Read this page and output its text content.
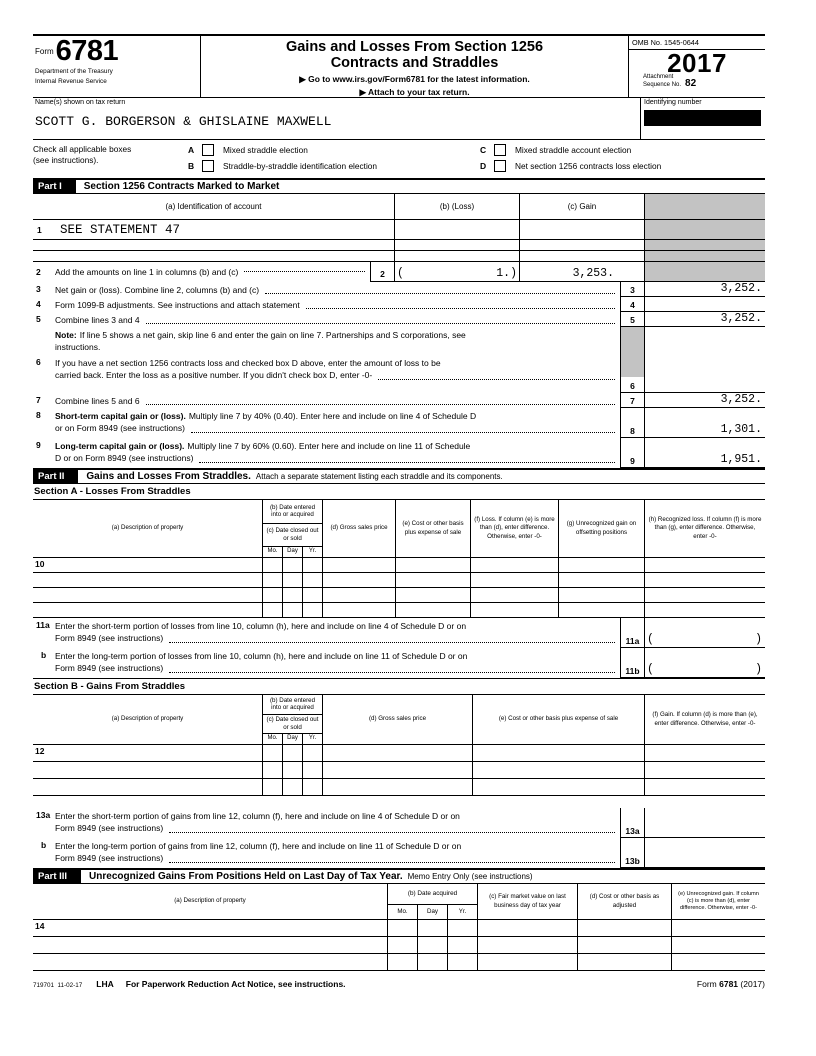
$^{Form}$6781
Department of the Treasury
Internal Revenue Service
Gains and Losses From Section 1256
Contracts and Straddles
▶ Go to www.irs.gov/Form6781 for the latest information.
▶ Attach to your tax return.
OMB No. 1545-0644
2017
Attachment
Sequence No. 82
Name(s) shown on tax return
SCOTT G. BORGERSON & GHISLAINE MAXWELL
Identifying number
Check all applicable boxes
(see instructions).
A	Mixed straddle election
B	Straddle-by-straddle identification election
C	Mixed straddle account election
D	Net section 1256 contracts loss election
Part I	Section 1256 Contracts Marked to Market
(a) Identification of account	(b) (Loss)	(c) Gain
1	SEE STATEMENT 47
2	Add the amounts on line 1 in columns (b) and (c)	2	(	1.)	3,253.
3	Net gain or (loss). Combine line 2, columns (b) and (c)	3	3,252.
4	Form 1099-B adjustments. See instructions and attach statement	4
5	Combine lines 3 and 4	5	3,252.
Note: If line 5 shows a net gain, skip line 6 and enter the gain on line 7. Partnerships and S corporations, see
instructions.
6	If you have a net section 1256 contracts loss and checked box D above, enter the amount of loss to be
carried back. Enter the loss as a positive number. If you didn't check box D, enter -0-
6
7	Combine lines 5 and 6	7	3,252.
8	Short-term capital gain or (loss). Multiply line 7 by 40% (0.40). Enter here and include on line 4 of Schedule D
or on Form 8949 (see instructions)	8	1,301.
9	Long-term capital gain or (loss). Multiply line 7 by 60% (0.60). Enter here and include on line 11 of Schedule
D or on Form 8949 (see instructions)	9	1,951.
Part II	Gains and Losses From Straddles. Attach a separate statement listing each straddle and its components.
Section A - Losses From Straddles
(a) Description of property
(b) Date entered into or acquired
(c) Date closed out or sold
Mo.	Day	Yr.
(d) Gross sales price
(e) Cost or other basis plus expense of sale
(f) Loss. If column (e) is more than (d), enter difference. Otherwise, enter -0-
(g) Unrecognized gain on offsetting positions
(h) Recognized loss. If column (f) is more than (g), enter difference. Otherwise, enter -0-
10
11a Enter the short-term portion of losses from line 10, column (h), here and include on line 4 of Schedule D or on
Form 8949 (see instructions)	11a (	)
b	Enter the long-term portion of losses from line 10, column (h), here and include on line 11 of Schedule D or on
Form 8949 (see instructions)	11b (	)
Section B - Gains From Straddles
(a) Description of property
(b) Date entered into or acquired
(c) Date closed out or sold
Mo.	Day	Yr.
(d) Gross sales price	(e) Cost or other basis plus expense of sale
(f) Gain. If column (d) is more than (e), enter difference. Otherwise, enter -0-
12
13a Enter the short-term portion of gains from line 12, column (f), here and include on line 4 of Schedule D or on
Form 8949 (see instructions)	13a
b	Enter the long-term portion of gains from line 12, column (f), here and include on line 11 of Schedule D or on
Form 8949 (see instructions)	13b
Part III	Unrecognized Gains From Positions Held on Last Day of Tax Year. Memo Entry Only (see instructions)
(a) Description of property
(b) Date acquired
Mo.	Day	Yr.
(c) Fair market value on last business day of tax year
(d) Cost or other basis as adjusted
(e) Unrecognized gain. If column (c) is more than (d), enter difference. Otherwise, enter -0-
14
719701 11-02-17 LHA For Paperwork Reduction Act Notice, see instructions.	Form 6781 (2017)
